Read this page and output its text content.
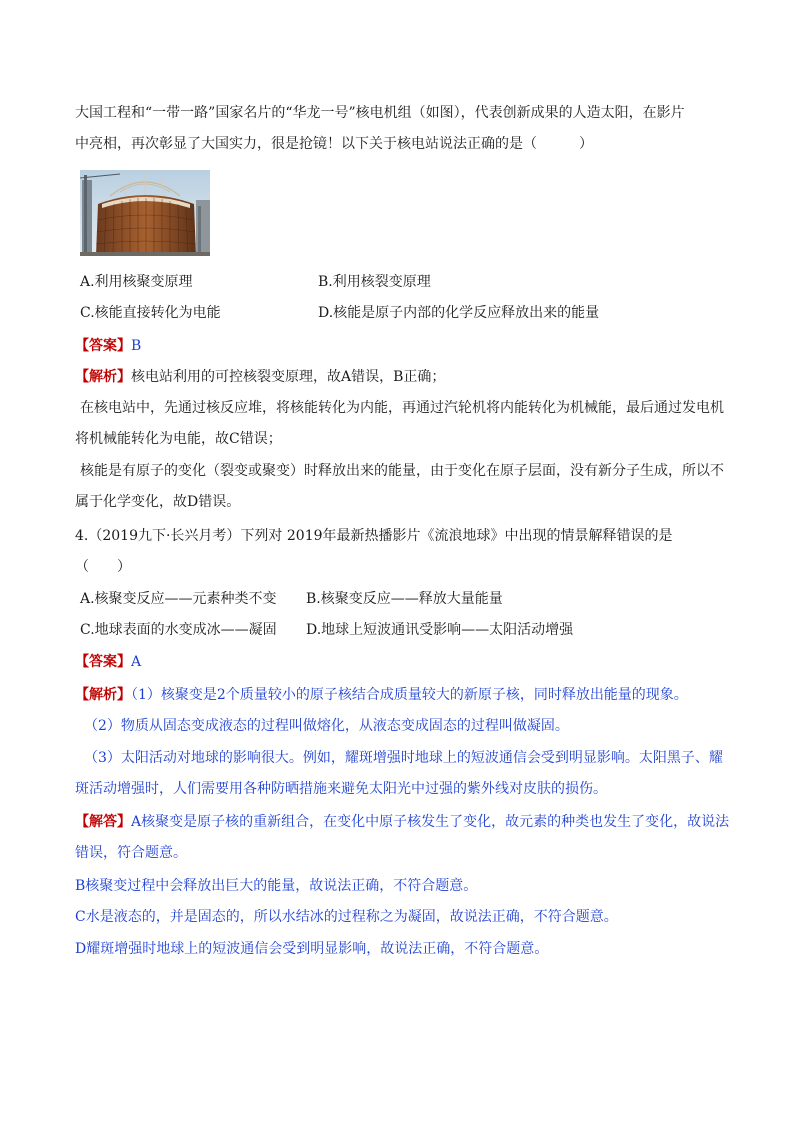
大国工程和“一带一路”国家名片的“华龙一号”核电机组（如图），代表创新成果的人造太阳，在影片
中亮相，再次彰显了大国实力，很是抢镜！以下关于核电站说法正确的是（　　　）
A.利用核聚变原理	B.利用核裂变原理
C.核能直接转化为电能	D.核能是原子内部的化学反应释放出来的能量
【答案】B
【解析】核电站利用的可控核裂变原理，故A错误，B正确；
在核电站中，先通过核反应堆，将核能转化为内能，再通过汽轮机将内能转化为机械能，最后通过发电机
将机械能转化为电能，故C错误；
核能是有原子的变化（裂变或聚变）时释放出来的能量，由于变化在原子层面，没有新分子生成，所以不
属于化学变化，故D错误。
4.（2019九下·长兴月考）下列对 2019年最新热播影片《流浪地球》中出现的情景解释错误的是
（　　）
A.核聚变反应——元素种类不变 B.核聚变反应——释放大量能量
C.地球表面的水变成冰——凝固 D.地球上短波通讯受影响——太阳活动增强
【答案】A
【解析】（1）核聚变是2个质量较小的原子核结合成质量较大的新原子核，同时释放出能量的现象。
（2）物质从固态变成液态的过程叫做熔化，从液态变成固态的过程叫做凝固。
（3）太阳活动对地球的影响很大。例如，耀斑增强时地球上的短波通信会受到明显影响。太阳黑子、耀
斑活动增强时，人们需要用各种防晒措施来避免太阳光中过强的紫外线对皮肤的损伤。
【解答】A核聚变是原子核的重新组合，在变化中原子核发生了变化，故元素的种类也发生了变化，故说法
错误，符合题意。
B核聚变过程中会释放出巨大的能量，故说法正确，不符合题意。
C水是液态的，并是固态的，所以水结冰的过程称之为凝固，故说法正确，不符合题意。
D耀斑增强时地球上的短波通信会受到明显影响，故说法正确，不符合题意。
